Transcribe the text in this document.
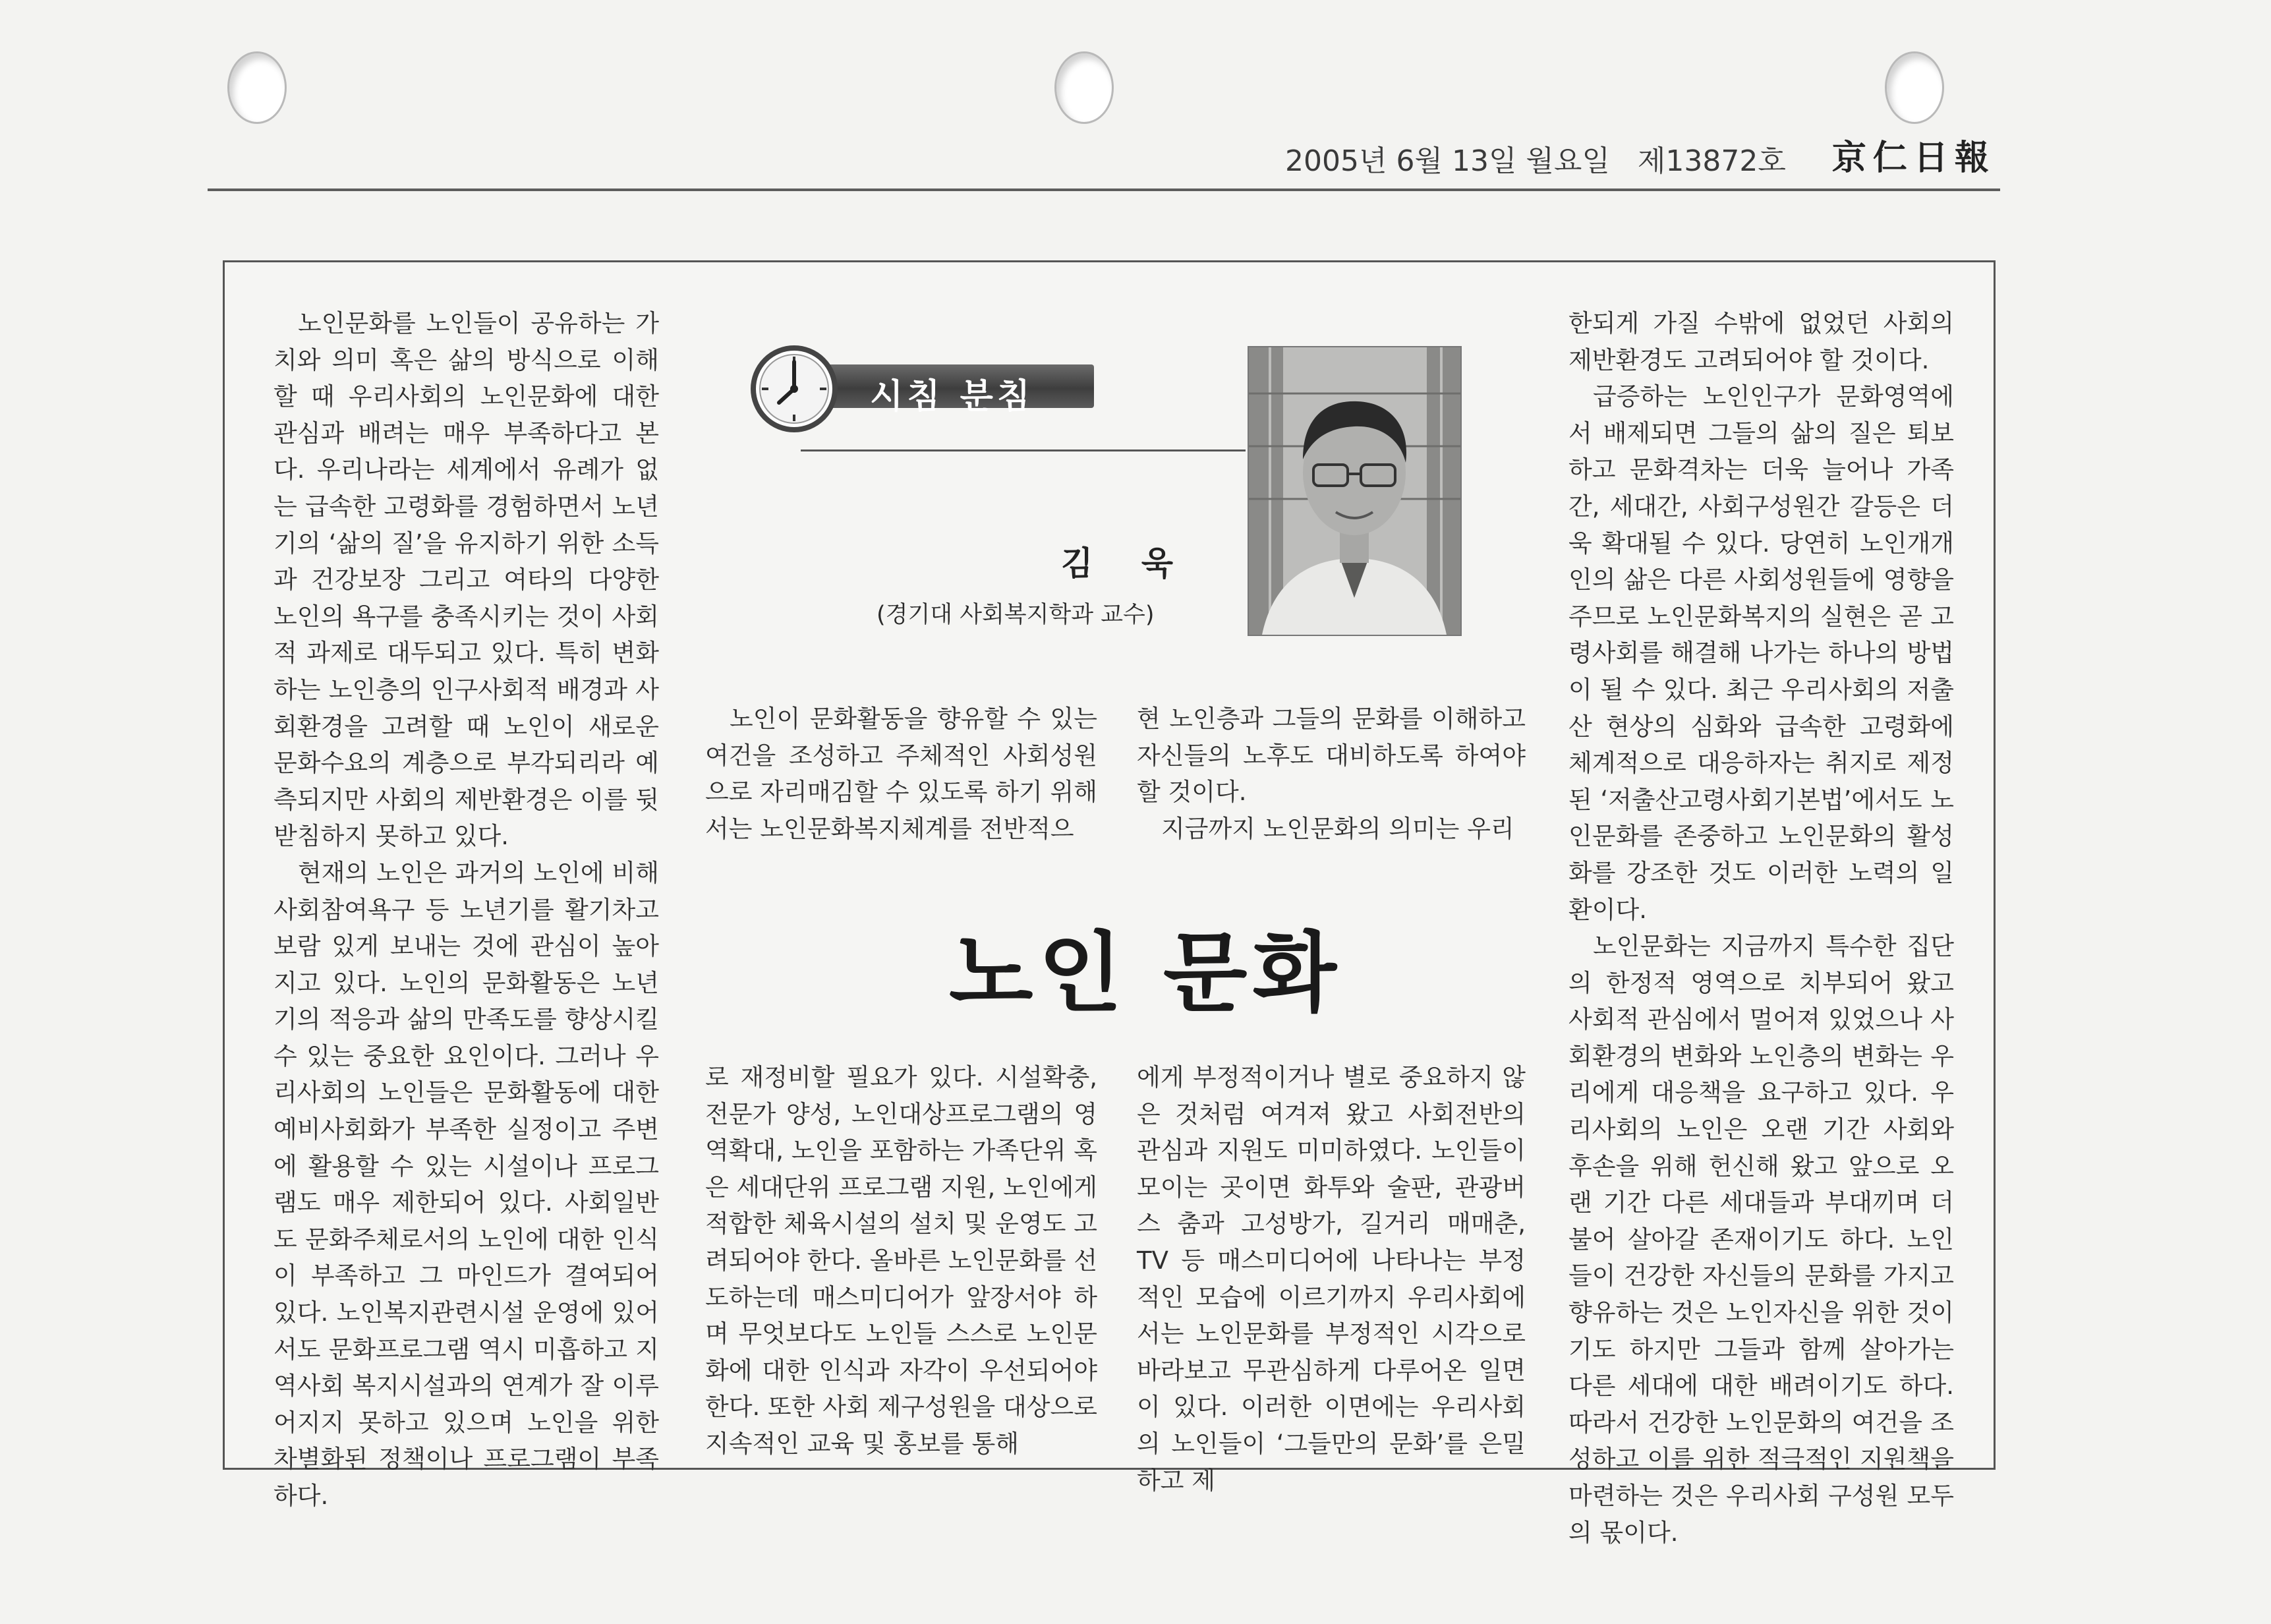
2005년 6월 13일 월요일   제13872호 京仁日報

노인문화를 노인들이 공유하는 가치와 의미 혹은 삶의 방식으로 이해할 때 우리사회의 노인문화에 대한 관심과 배려는 매우 부족하다고 본다. 우리나라는 세계에서 유례가 없는 급속한 고령화를 경험하면서 노년기의 ‘삶의 질’을 유지하기 위한 소득과 건강보장 그리고 여타의 다양한 노인의 욕구를 충족시키는 것이 사회적 과제로 대두되고 있다. 특히 변화하는 노인층의 인구사회적 배경과 사회환경을 고려할 때 노인이 새로운 문화수요의 계층으로 부각되리라 예측되지만 사회의 제반환경은 이를 뒷받침하지 못하고 있다.

현재의 노인은 과거의 노인에 비해 사회참여욕구 등 노년기를 활기차고 보람 있게 보내는 것에 관심이 높아지고 있다. 노인의 문화활동은 노년기의 적응과 삶의 만족도를 향상시킬 수 있는 중요한 요인이다. 그러나 우리사회의 노인들은 문화활동에 대한 예비사회화가 부족한 실정이고 주변에 활용할 수 있는 시설이나 프로그램도 매우 제한되어 있다. 사회일반도 문화주체로서의 노인에 대한 인식이 부족하고 그 마인드가 결여되어 있다. 노인복지관련시설 운영에 있어서도 문화프로그램 역시 미흡하고 지역사회 복지시설과의 연계가 잘 이루어지지 못하고 있으며 노인을 위한 차별화된 정책이나 프로그램이 부족하다.

시침 분침
김 욱
(경기대 사회복지학과 교수)

노인이 문화활동을 향유할 수 있는 여건을 조성하고 주체적인 사회성원으로 자리매김할 수 있도록 하기 위해서는 노인문화복지체계를 전반적으

현 노인층과 그들의 문화를 이해하고 자신들의 노후도 대비하도록 하여야 할 것이다.

지금까지 노인문화의 의미는 우리

노인 문화

로 재정비할 필요가 있다. 시설확충, 전문가 양성, 노인대상프로그램의 영역확대, 노인을 포함하는 가족단위 혹은 세대단위 프로그램 지원, 노인에게 적합한 체육시설의 설치 및 운영도 고려되어야 한다. 올바른 노인문화를 선도하는데 매스미디어가 앞장서야 하며 무엇보다도 노인들 스스로 노인문화에 대한 인식과 자각이 우선되어야 한다. 또한 사회 제구성원을 대상으로 지속적인 교육 및 홍보를 통해

에게 부정적이거나 별로 중요하지 않은 것처럼 여겨져 왔고 사회전반의 관심과 지원도 미미하였다. 노인들이 모이는 곳이면 화투와 술판, 관광버스 춤과 고성방가, 길거리 매매춘, TV 등 매스미디어에 나타나는 부정적인 모습에 이르기까지 우리사회에서는 노인문화를 부정적인 시각으로 바라보고 무관심하게 다루어온 일면이 있다. 이러한 이면에는 우리사회의 노인들이 ‘그들만의 문화’를 은밀하고 제

한되게 가질 수밖에 없었던 사회의 제반환경도 고려되어야 할 것이다.

급증하는 노인인구가 문화영역에서 배제되면 그들의 삶의 질은 퇴보하고 문화격차는 더욱 늘어나 가족간, 세대간, 사회구성원간 갈등은 더욱 확대될 수 있다. 당연히 노인개개인의 삶은 다른 사회성원들에 영향을 주므로 노인문화복지의 실현은 곧 고령사회를 해결해 나가는 하나의 방법이 될 수 있다. 최근 우리사회의 저출산 현상의 심화와 급속한 고령화에 체계적으로 대응하자는 취지로 제정된 ‘저출산고령사회기본법’에서도 노인문화를 존중하고 노인문화의 활성화를 강조한 것도 이러한 노력의 일환이다.

노인문화는 지금까지 특수한 집단의 한정적 영역으로 치부되어 왔고 사회적 관심에서 멀어져 있었으나 사회환경의 변화와 노인층의 변화는 우리에게 대응책을 요구하고 있다. 우리사회의 노인은 오랜 기간 사회와 후손을 위해 헌신해 왔고 앞으로 오랜 기간 다른 세대들과 부대끼며 더불어 살아갈 존재이기도 하다. 노인들이 건강한 자신들의 문화를 가지고 향유하는 것은 노인자신을 위한 것이기도 하지만 그들과 함께 살아가는 다른 세대에 대한 배려이기도 하다. 따라서 건강한 노인문화의 여건을 조성하고 이를 위한 적극적인 지원책을 마련하는 것은 우리사회 구성원 모두의 몫이다.
